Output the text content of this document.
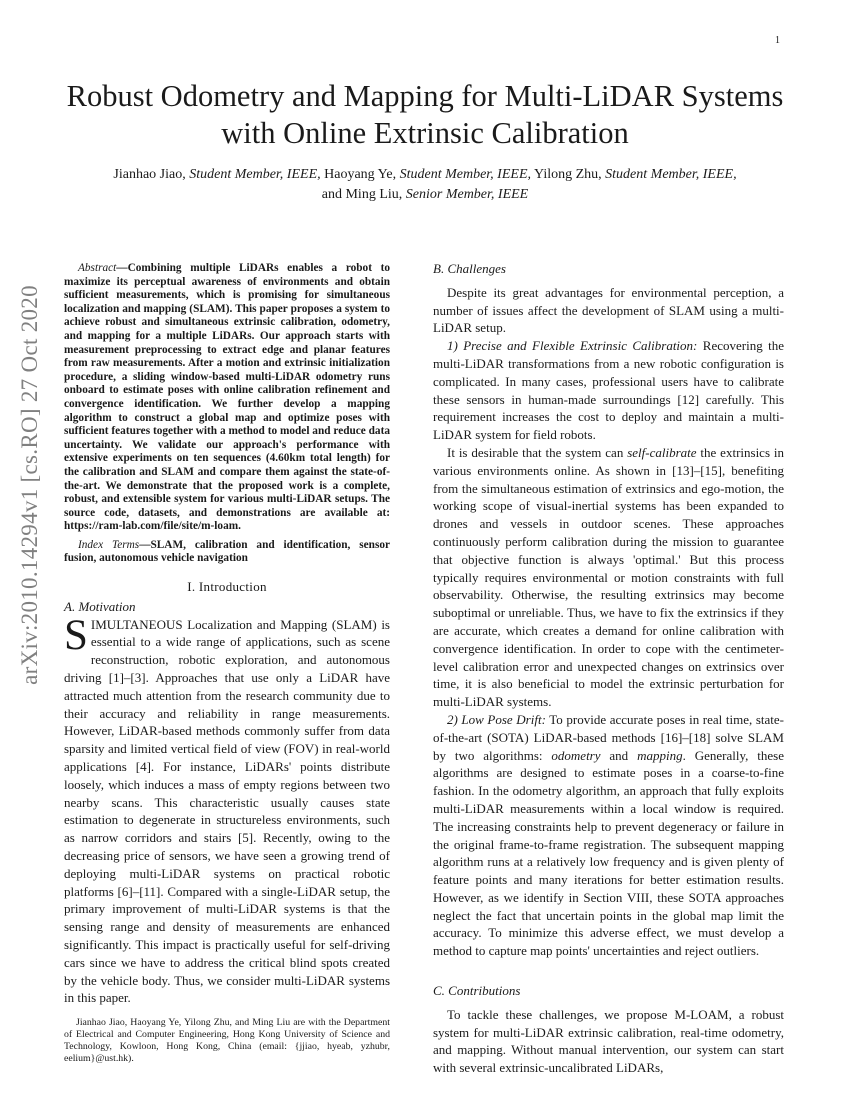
1
arXiv:2010.14294v1 [cs.RO] 27 Oct 2020
Robust Odometry and Mapping for Multi-LiDAR Systems with Online Extrinsic Calibration
Jianhao Jiao, Student Member, IEEE, Haoyang Ye, Student Member, IEEE, Yilong Zhu, Student Member, IEEE,
and Ming Liu, Senior Member, IEEE

Abstract—Combining multiple LiDARs enables a robot to maximize its perceptual awareness of environments and obtain sufficient measurements, which is promising for simultaneous localization and mapping (SLAM). This paper proposes a system to achieve robust and simultaneous extrinsic calibration, odometry, and mapping for a multiple LiDARs. Our approach starts with measurement preprocessing to extract edge and planar features from raw measurements. After a motion and extrinsic initialization procedure, a sliding window-based multi-LiDAR odometry runs onboard to estimate poses with online calibration refinement and convergence identification. We further develop a mapping algorithm to construct a global map and optimize poses with sufficient features together with a method to model and reduce data uncertainty. We validate our approach's performance with extensive experiments on ten sequences (4.60km total length) for the calibration and SLAM and compare them against the state-of-the-art. We demonstrate that the proposed work is a complete, robust, and extensible system for various multi-LiDAR setups. The source code, datasets, and demonstrations are available at: https://ram-lab.com/file/site/m-loam.

Index Terms—SLAM, calibration and identification, sensor fusion, autonomous vehicle navigation

I. Introduction

A. Motivation

SIMULTANEOUS Localization and Mapping (SLAM) is essential to a wide range of applications, such as scene reconstruction, robotic exploration, and autonomous driving [1]–[3]. Approaches that use only a LiDAR have attracted much attention from the research community due to their accuracy and reliability in range measurements. However, LiDAR-based methods commonly suffer from data sparsity and limited vertical field of view (FOV) in real-world applications [4]. For instance, LiDARs' points distribute loosely, which induces a mass of empty regions between two nearby scans. This characteristic usually causes state estimation to degenerate in structureless environments, such as narrow corridors and stairs [5]. Recently, owing to the decreasing price of sensors, we have seen a growing trend of deploying multi-LiDAR systems on practical robotic platforms [6]–[11]. Compared with a single-LiDAR setup, the primary improvement of multi-LiDAR systems is that the sensing range and density of measurements are enhanced significantly. This impact is practically useful for self-driving cars since we have to address the critical blind spots created by the vehicle body. Thus, we consider multi-LiDAR systems in this paper.

Jianhao Jiao, Haoyang Ye, Yilong Zhu, and Ming Liu are with the Department of Electrical and Computer Engineering, Hong Kong University of Science and Technology, Kowloon, Hong Kong, China (email: {jjiao, hyeab, yzhubr, eelium}@ust.hk).

B. Challenges

Despite its great advantages for environmental perception, a number of issues affect the development of SLAM using a multi-LiDAR setup.

1) Precise and Flexible Extrinsic Calibration: Recovering the multi-LiDAR transformations from a new robotic configuration is complicated. In many cases, professional users have to calibrate these sensors in human-made surroundings [12] carefully. This requirement increases the cost to deploy and maintain a multi-LiDAR system for field robots.

It is desirable that the system can self-calibrate the extrinsics in various environments online. As shown in [13]–[15], benefiting from the simultaneous estimation of extrinsics and ego-motion, the working scope of visual-inertial systems has been expanded to drones and vessels in outdoor scenes. These approaches continuously perform calibration during the mission to guarantee that objective function is always 'optimal.' But this process typically requires environmental or motion constraints with full observability. Otherwise, the resulting extrinsics may become suboptimal or unreliable. Thus, we have to fix the extrinsics if they are accurate, which creates a demand for online calibration with convergence identification. In order to cope with the centimeter-level calibration error and unexpected changes on extrinsics over time, it is also beneficial to model the extrinsic perturbation for multi-LiDAR systems.

2) Low Pose Drift: To provide accurate poses in real time, state-of-the-art (SOTA) LiDAR-based methods [16]–[18] solve SLAM by two algorithms: odometry and mapping. Generally, these algorithms are designed to estimate poses in a coarse-to-fine fashion. In the odometry algorithm, an approach that fully exploits multi-LiDAR measurements within a local window is required. The increasing constraints help to prevent degeneracy or failure in the original frame-to-frame registration. The subsequent mapping algorithm runs at a relatively low frequency and is given plenty of feature points and many iterations for better estimation results. However, as we identify in Section VIII, these SOTA approaches neglect the fact that uncertain points in the global map limit the accuracy. To minimize this adverse effect, we must develop a method to capture map points' uncertainties and reject outliers.

C. Contributions

To tackle these challenges, we propose M-LOAM, a robust system for multi-LiDAR extrinsic calibration, real-time odometry, and mapping. Without manual intervention, our system can start with several extrinsic-uncalibrated LiDARs,
